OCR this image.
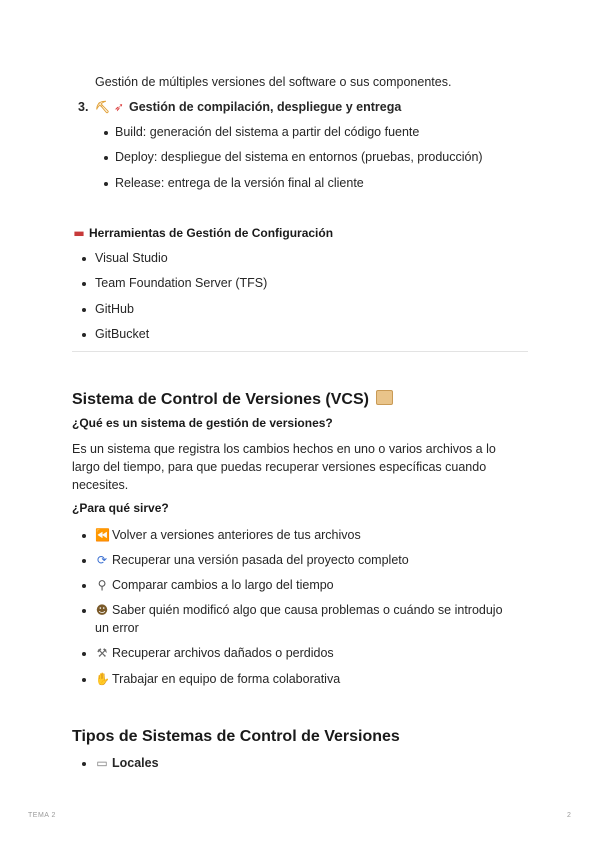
Gestión de múltiples versiones del software o sus componentes.
3. ⛏ ➶ Gestión de compilación, despliegue y entrega
Build: generación del sistema a partir del código fuente
Deploy: despliegue del sistema en entornos (pruebas, producción)
Release: entrega de la versión final al cliente
▬ Herramientas de Gestión de Configuración
Visual Studio
Team Foundation Server (TFS)
GitHub
GitBucket
Sistema de Control de Versiones (VCS)
¿Qué es un sistema de gestión de versiones?
Es un sistema que registra los cambios hechos en uno o varios archivos a lo
largo del tiempo, para que puedas recuperar versiones específicas cuando
necesites.
¿Para qué sirve?
⏪ Volver a versiones anteriores de tus archivos
⟳ Recuperar una versión pasada del proyecto completo
⚲ Comparar cambios a lo largo del tiempo
☻ Saber quién modificó algo que causa problemas o cuándo se introdujo
un error
⚒ Recuperar archivos dañados o perdidos
✋ Trabajar en equipo de forma colaborativa
Tipos de Sistemas de Control de Versiones
▭ Locales
TEMA 2	2
